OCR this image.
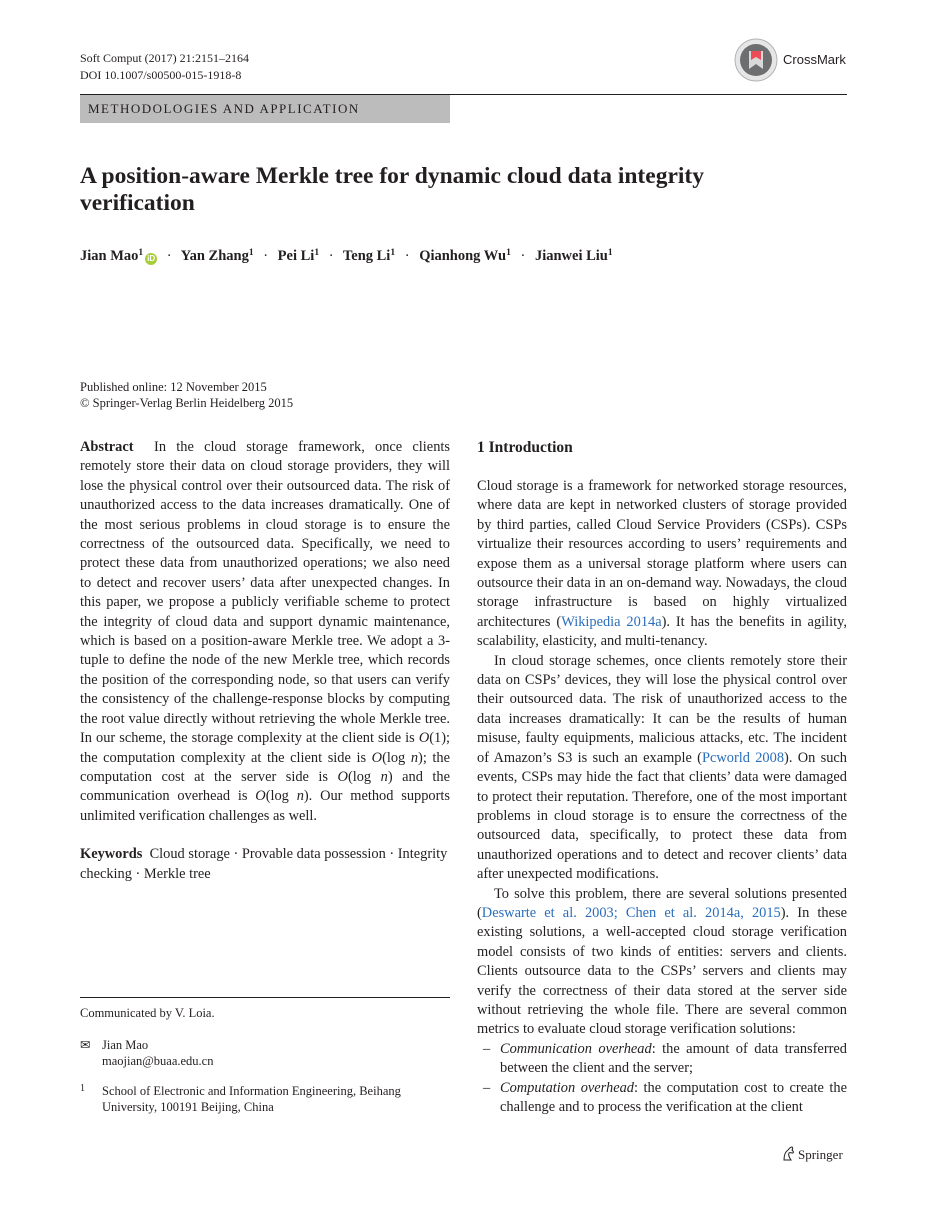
Soft Comput (2017) 21:2151–2164
DOI 10.1007/s00500-015-1918-8
CrossMark
METHODOLOGIES AND APPLICATION
A position-aware Merkle tree for dynamic cloud data integrity verification
Jian Mao$^1$iD · Yan Zhang$^1$ · Pei $Li^1$ · Teng $Li^1$ · Qianhong $Wu^1$ · Jianwei Liu$^1$
Published online: 12 November 2015
© Springer-Verlag Berlin Heidelberg 2015

Abstract In the cloud storage framework, once clients remotely store their data on cloud storage providers, they will lose the physical control over their outsourced data. The risk of unauthorized access to the data increases dramatically. One of the most serious problems in cloud storage is to ensure the correctness of the outsourced data. Specifically, we need to protect these data from unauthorized operations; we also need to detect and recover users’ data after unexpected changes. In this paper, we propose a publicly verifiable scheme to protect the integrity of cloud data and support dynamic maintenance, which is based on a position-aware Merkle tree. We adopt a 3-tuple to define the node of the new Merkle tree, which records the position of the corresponding node, so that users can verify the consistency of the challenge-response blocks by computing the root value directly without retrieving the whole Merkle tree. In our scheme, the storage complexity at the client side is O(1); the computation complexity at the client side is O(log n); the computation cost at the server side is O(log n) and the communication overhead is O(log n). Our method supports unlimited verification challenges as well.

Keywords Cloud storage · Provable data possession · Integrity checking · Merkle tree

Communicated by V. Loia.
✉ Jian Mao
maojian@buaa.edu.cn
1 School of Electronic and Information Engineering, Beihang University, 100191 Beijing, China
1 Introduction

Cloud storage is a framework for networked storage resources, where data are kept in networked clusters of storage provided by third parties, called Cloud Service Providers (CSPs). CSPs virtualize their resources according to users’ requirements and expose them as a universal storage platform where users can outsource their data in an on-demand way. Nowadays, the cloud storage infrastructure is based on highly virtualized architectures (Wikipedia 2014a). It has the benefits in agility, scalability, elasticity, and multi-tenancy.

In cloud storage schemes, once clients remotely store their data on CSPs’ devices, they will lose the physical control over their outsourced data. The risk of unauthorized access to the data increases dramatically: It can be the results of human misuse, faulty equipments, malicious attacks, etc. The incident of Amazon’s S3 is such an example (Pcworld 2008). On such events, CSPs may hide the fact that clients’ data were damaged to protect their reputation. Therefore, one of the most important problems in cloud storage is to ensure the correctness of the outsourced data, specifically, to protect these data from unauthorized operations and to detect and recover clients’ data after unexpected modifications.

To solve this problem, there are several solutions presented (Deswarte et al. 2003; Chen et al. 2014a, 2015). In these existing solutions, a well-accepted cloud storage verification model consists of two kinds of entities: servers and clients. Clients outsource data to the CSPs’ servers and clients may verify the correctness of their data stored at the server side without retrieving the whole file. There are several common metrics to evaluate cloud storage verification solutions:

– Communication overhead: the amount of data transferred between the client and the server;
– Computation overhead: the computation cost to create the challenge and to process the verification at the client
Springer
